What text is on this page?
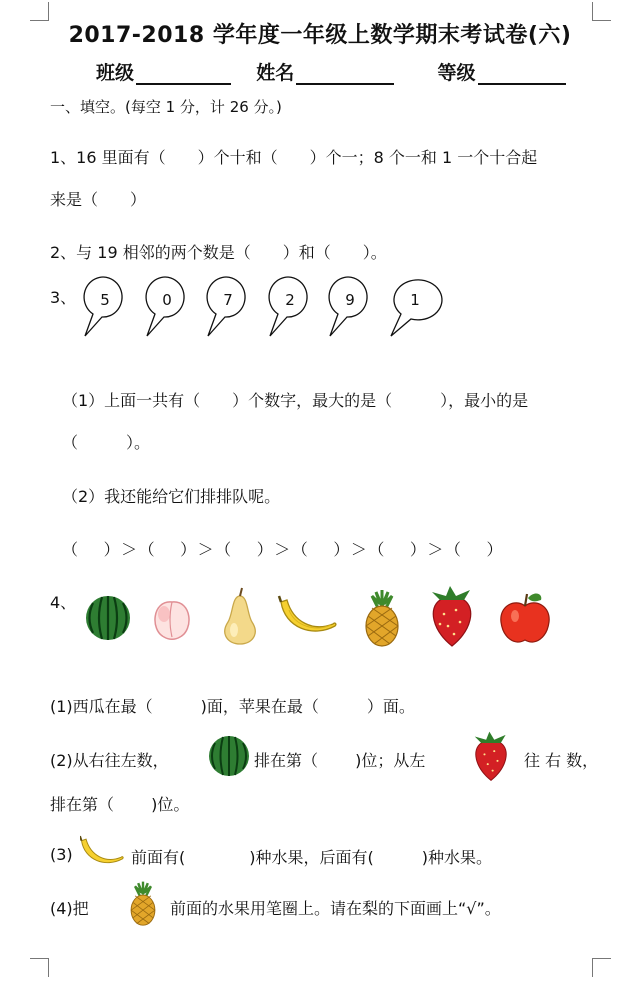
2017-2018 学年度一年级上数学期末考试卷(六)
班级	姓名	等级
一、填空。(每空 1 分，计 26 分。)
1、16 里面有（　　）个十和（　　）个一；8 个一和 1 一个十合起
来是（　　）
2、与 19 相邻的两个数是（　　）和（　　）。
3、 5	0	7	2	9	1
（1）上面一共有（　　）个数字，最大的是（　　　），最小的是
（　　　）。
（2）我还能给它们排排队呢。
（　 ）＞（　 ）＞（　 ）＞（　 ）＞（　 ）＞（　 ）
4、
(1)西瓜在最（　　　)面，苹果在最（　　　）面。
(2)从右往左数，	排在第（　　 )位；从左	往 右 数，
排在第（　　 )位。
(3)	前面有(　　　　)种水果，后面有(　　　)种水果。
(4)把	前面的水果用笔圈上。请在梨的下面画上“√”。
